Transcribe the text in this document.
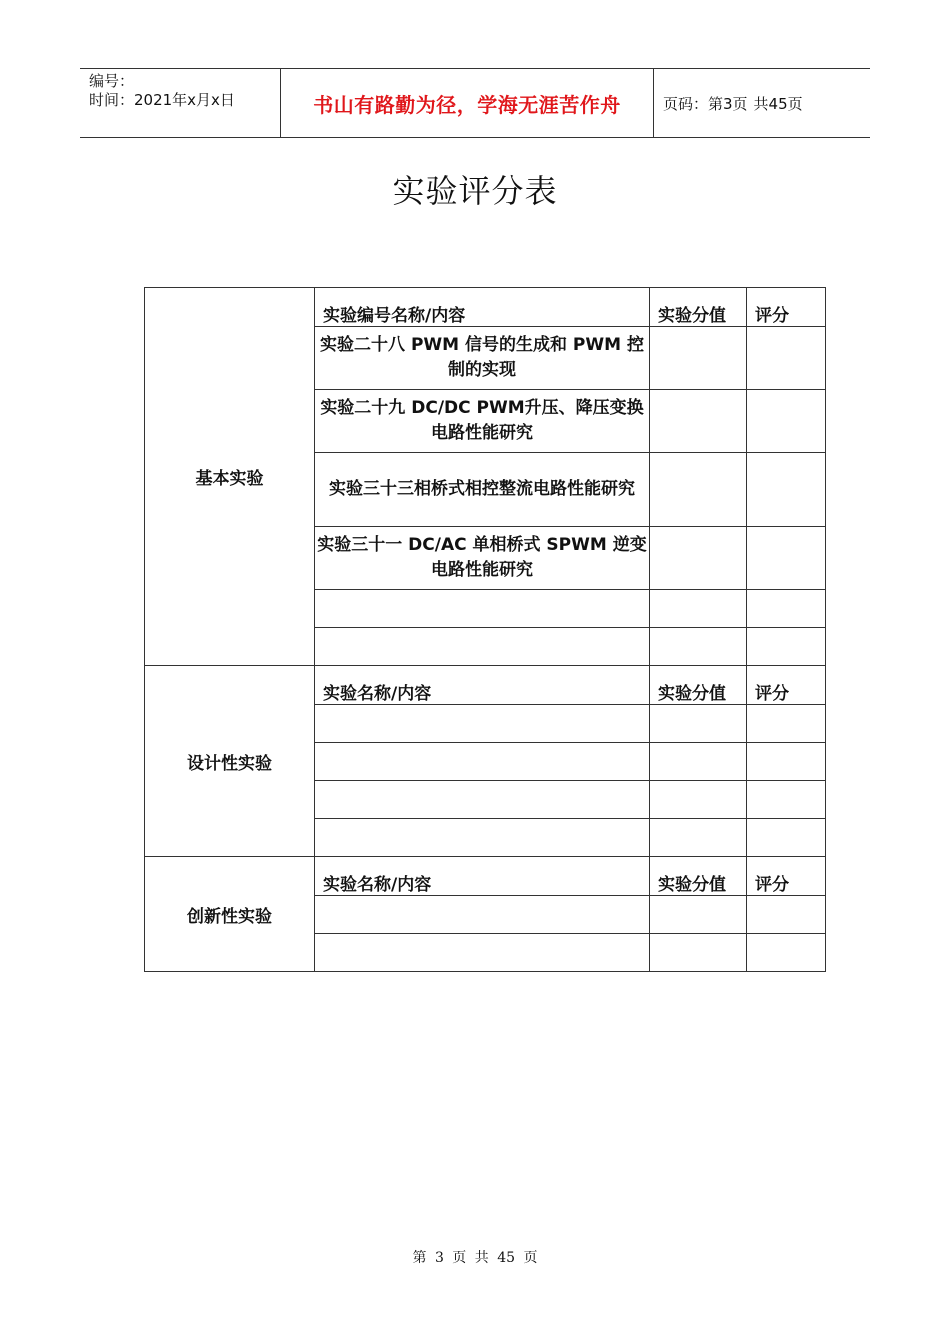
编号：
时间：2021年x月x日	书山有路勤为径，学海无涯苦作舟	页码：第3页 共45页
实验评分表
基本实验	实验编号名称/内容	实验分值	评分
	实验二十八 PWM 信号的生成和 PWM 控制的实现		
	实验二十九 DC/DC PWM升压、降压变换电路性能研究		
	实验三十三相桥式相控整流电路性能研究		
	实验三十一 DC/AC 单相桥式 SPWM 逆变电路性能研究		

设计性实验	实验名称/内容	实验分值	评分

创新性实验	实验名称/内容	实验分值	评分

第 3 页 共 45 页
